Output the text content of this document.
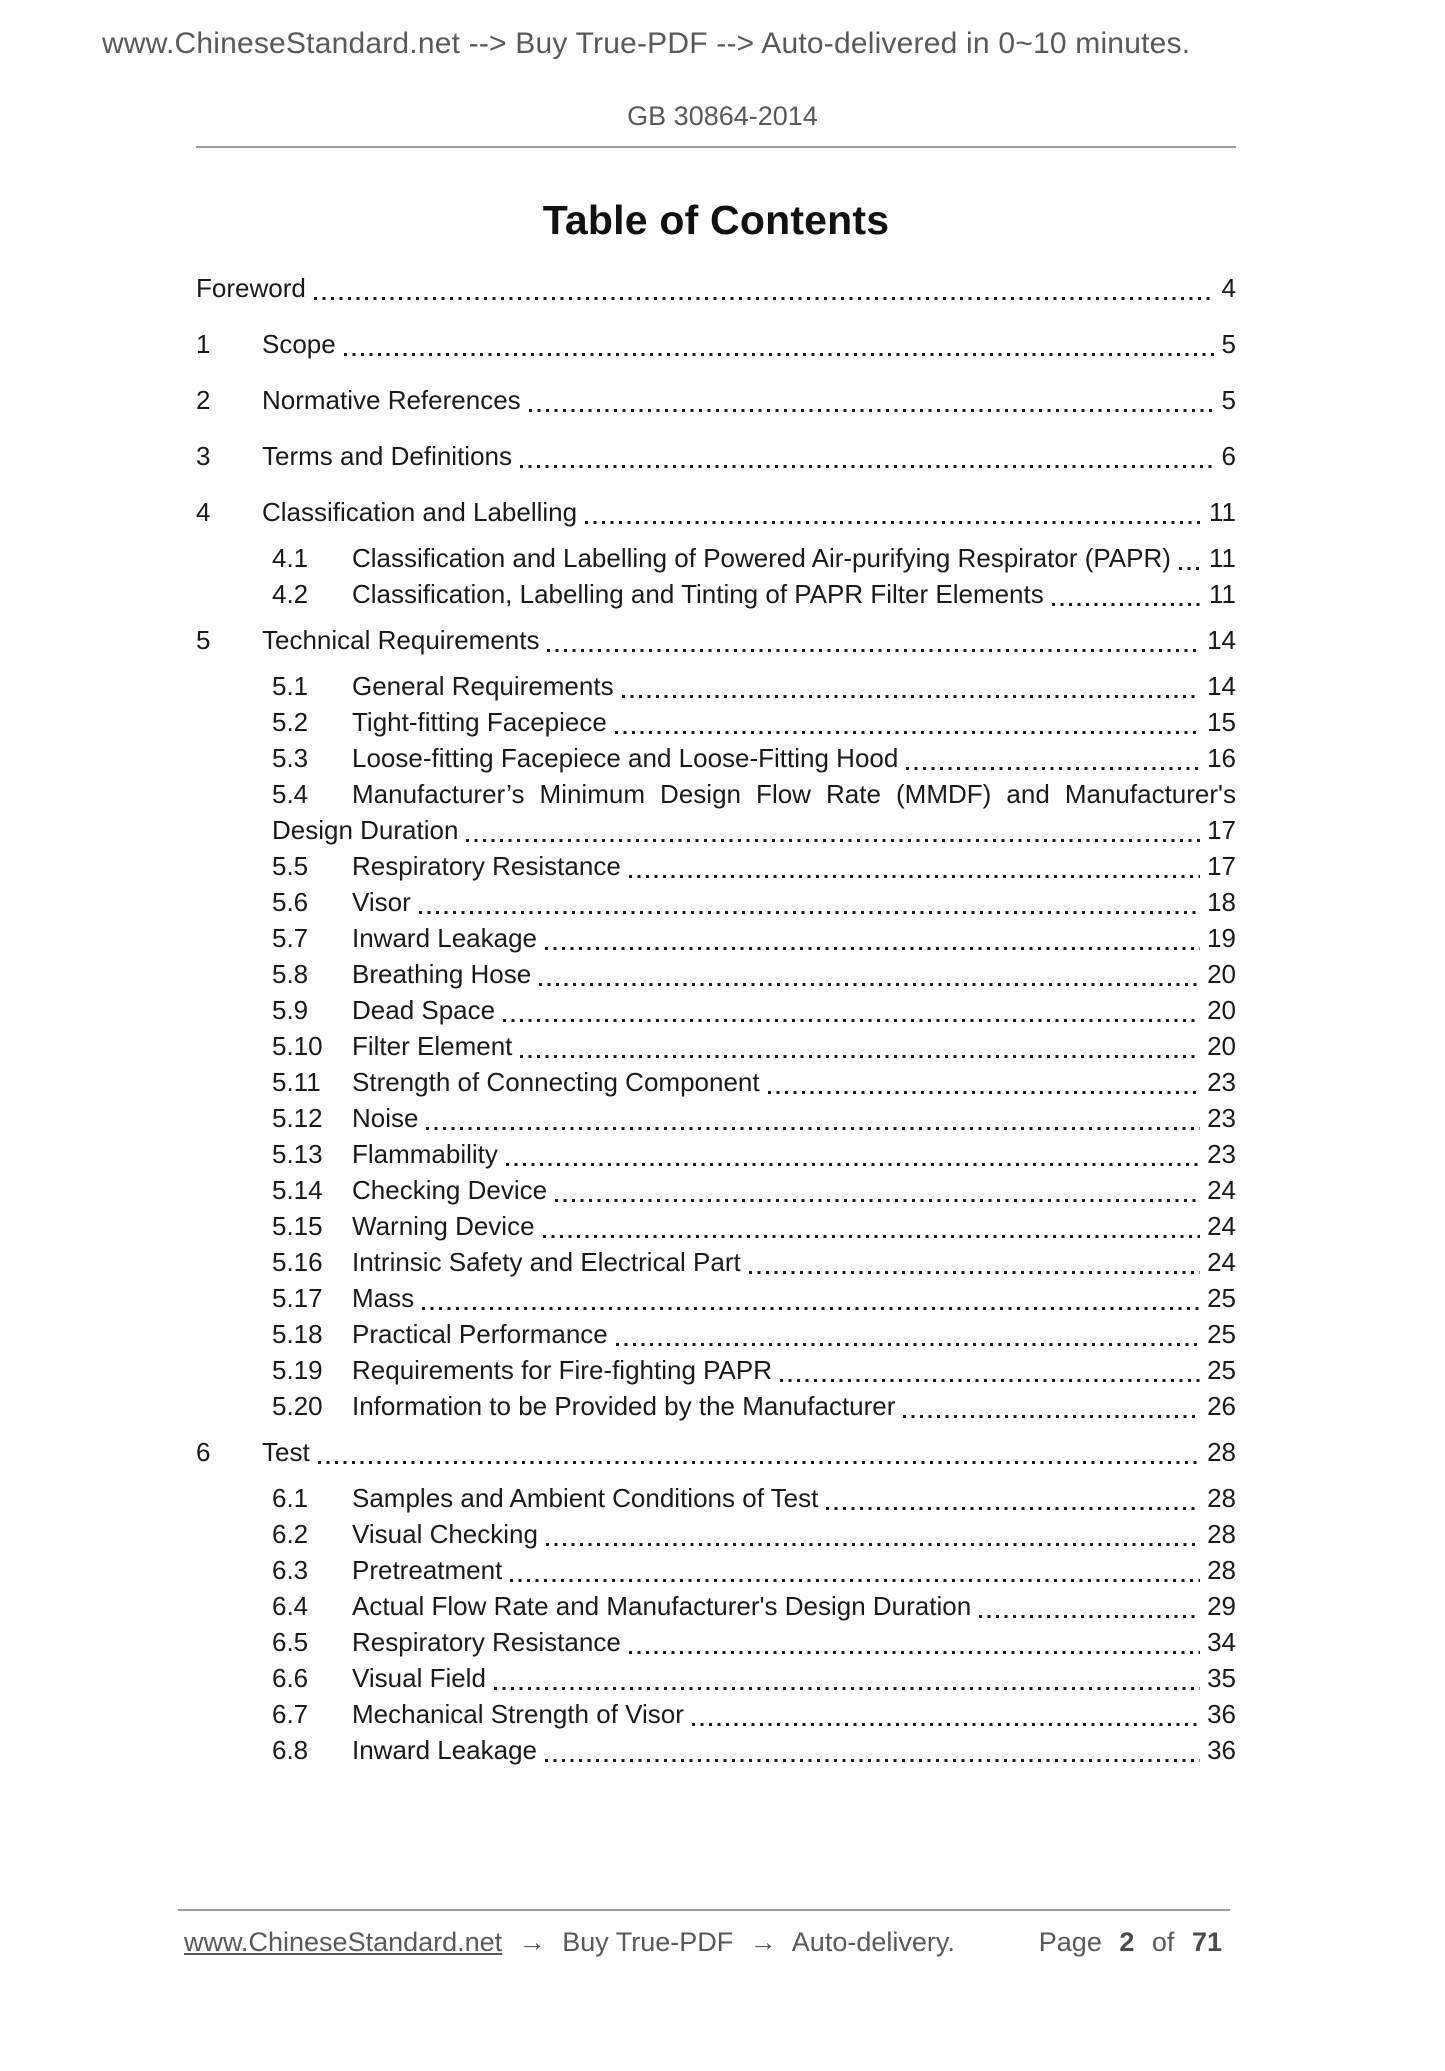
www.ChineseStandard.net --> Buy True-PDF --> Auto-delivered in 0~10 minutes.
GB 30864-2014
Table of Contents
Foreword	4
1	Scope	5
2	Normative References	5
3	Terms and Definitions	6
4	Classification and Labelling	11
4.1	Classification and Labelling of Powered Air-purifying Respirator (PAPR) 11
4.2	Classification, Labelling and Tinting of PAPR Filter Elements	11
5	Technical Requirements	14
5.1	General Requirements	14
5.2	Tight-fitting Facepiece	15
5.3	Loose-fitting Facepiece and Loose-Fitting Hood	16
5.4	Manufacturer’s Minimum Design Flow Rate (MMDF) and Manufacturer's
Design Duration	17
5.5	Respiratory Resistance	17
5.6	Visor	18
5.7	Inward Leakage	19
5.8	Breathing Hose	20
5.9	Dead Space	20
5.10	Filter Element	20
5.11	Strength of Connecting Component	23
5.12	Noise	23
5.13	Flammability	23
5.14	Checking Device	24
5.15	Warning Device	24
5.16	Intrinsic Safety and Electrical Part	24
5.17	Mass	25
5.18	Practical Performance	25
5.19	Requirements for Fire-fighting PAPR	25
5.20	Information to be Provided by the Manufacturer	26
6	Test	28
6.1	Samples and Ambient Conditions of Test	28
6.2	Visual Checking	28
6.3	Pretreatment	28
6.4	Actual Flow Rate and Manufacturer's Design Duration	29
6.5	Respiratory Resistance	34
6.6	Visual Field	35
6.7	Mechanical Strength of Visor	36
6.8	Inward Leakage	36
www.ChineseStandard.net → Buy True-PDF → Auto-delivery.	Page 2 of 71
